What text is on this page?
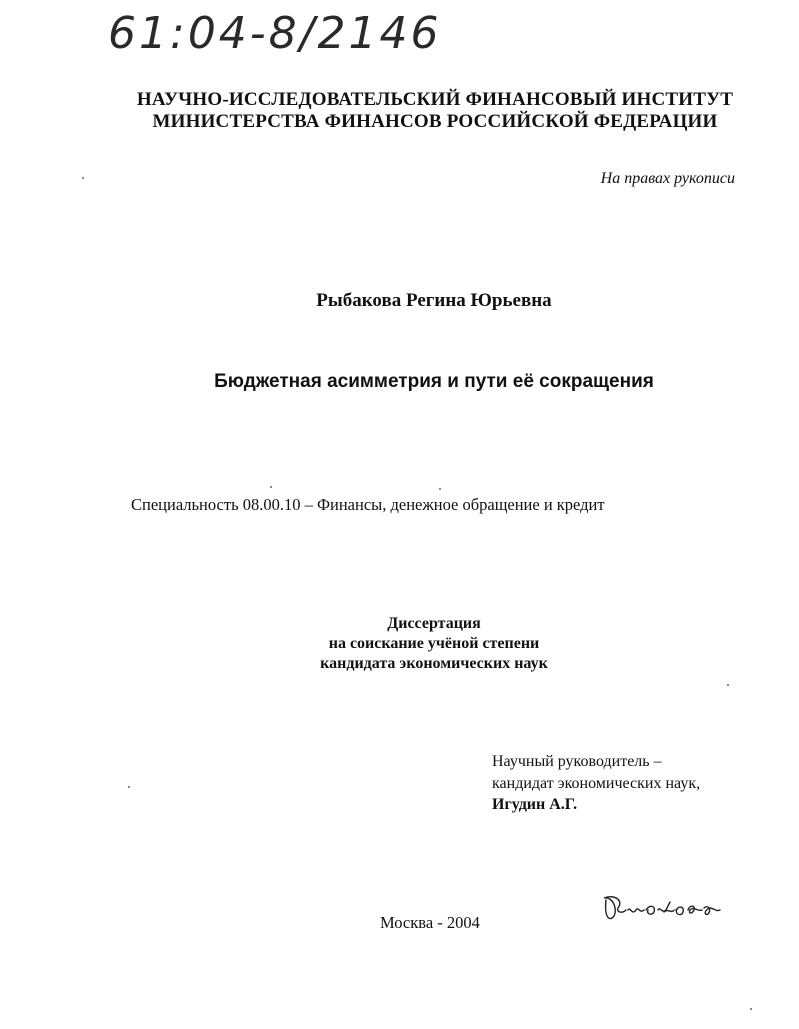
61:04-8/2146
НАУЧНО-ИССЛЕДОВАТЕЛЬСКИЙ ФИНАНСОВЫЙ ИНСТИТУТ
МИНИСТЕРСТВА ФИНАНСОВ РОССИЙСКОЙ ФЕДЕРАЦИИ
На правах рукописи
Рыбакова Регина Юрьевна
Бюджетная асимметрия и пути её сокращения
Специальность 08.00.10 – Финансы, денежное обращение и кредит
Диссертация
на соискание учёной степени
кандидата экономических наук
Научный руководитель –
кандидат экономических наук,
Игудин А.Г.
Москва - 2004
